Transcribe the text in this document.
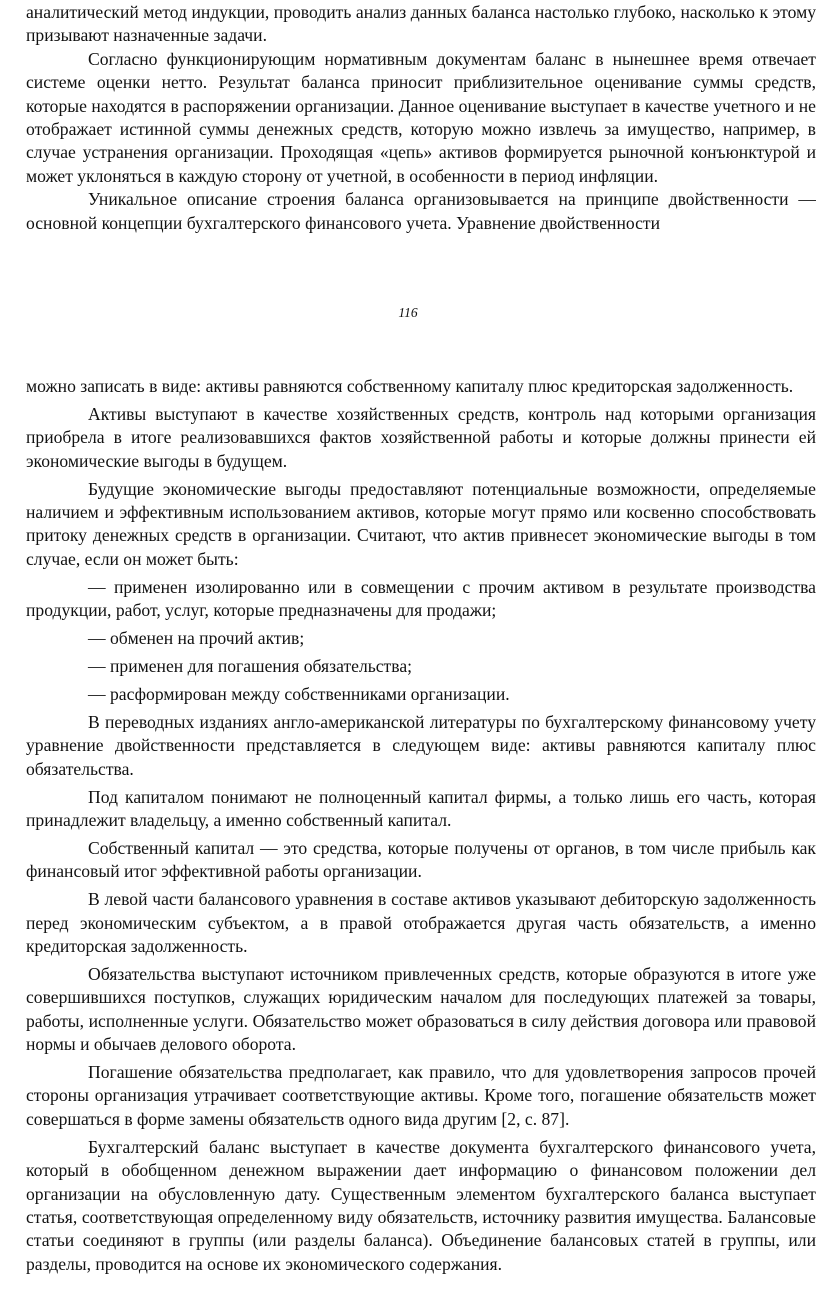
аналитический метод индукции, проводить анализ данных баланса настолько глубоко, насколько к этому призывают назначенные задачи.

Согласно функционирующим нормативным документам баланс в нынешнее время отвечает системе оценки нетто. Результат баланса приносит приблизительное оценивание суммы средств, которые находятся в распоряжении организации. Данное оценивание выступает в качестве учетного и не отображает истинной суммы денежных средств, которую можно извлечь за имущество, например, в случае устранения организации. Проходящая «цепь» активов формируется рыночной конъюнктурой и может уклоняться в каждую сторону от учетной, в особенности в период инфляции.

Уникальное описание строения баланса организовывается на принципе двойственности — основной концепции бухгалтерского финансового учета. Уравнение двойственности

116

можно записать в виде: активы равняются собственному капиталу плюс кредиторская задолженность.

Активы выступают в качестве хозяйственных средств, контроль над которыми организация приобрела в итоге реализовавшихся фактов хозяйственной работы и которые должны принести ей экономические выгоды в будущем.

Будущие экономические выгоды предоставляют потенциальные возможности, определяемые наличием и эффективным использованием активов, которые могут прямо или косвенно способствовать притоку денежных средств в организации. Считают, что актив привнесет экономические выгоды в том случае, если он может быть:

— применен изолированно или в совмещении с прочим активом в результате производства продукции, работ, услуг, которые предназначены для продажи;

— обменен на прочий актив;

— применен для погашения обязательства;

— расформирован между собственниками организации.

В переводных изданиях англо-американской литературы по бухгалтерскому финансовому учету уравнение двойственности представляется в следующем виде: активы равняются капиталу плюс обязательства.

Под капиталом понимают не полноценный капитал фирмы, а только лишь его часть, которая принадлежит владельцу, а именно собственный капитал.

Собственный капитал — это средства, которые получены от органов, в том числе прибыль как финансовый итог эффективной работы организации.

В левой части балансового уравнения в составе активов указывают дебиторскую задолженность перед экономическим субъектом, а в правой отображается другая часть обязательств, а именно кредиторская задолженность.

Обязательства выступают источником привлеченных средств, которые образуются в итоге уже совершившихся поступков, служащих юридическим началом для последующих платежей за товары, работы, исполненные услуги. Обязательство может образоваться в силу действия договора или правовой нормы и обычаев делового оборота.

Погашение обязательства предполагает, как правило, что для удовлетворения запросов прочей стороны организация утрачивает соответствующие активы. Кроме того, погашение обязательств может совершаться в форме замены обязательств одного вида другим [2, с. 87].

Бухгалтерский баланс выступает в качестве документа бухгалтерского финансового учета, который в обобщенном денежном выражении дает информацию о финансовом положении дел организации на обусловленную дату. Существенным элементом бухгалтерского баланса выступает статья, соответствующая определенному виду обязательств, источнику развития имущества. Балансовые статьи соединяют в группы (или разделы баланса). Объединение балансовых статей в группы, или разделы, проводится на основе их экономического содержания.
